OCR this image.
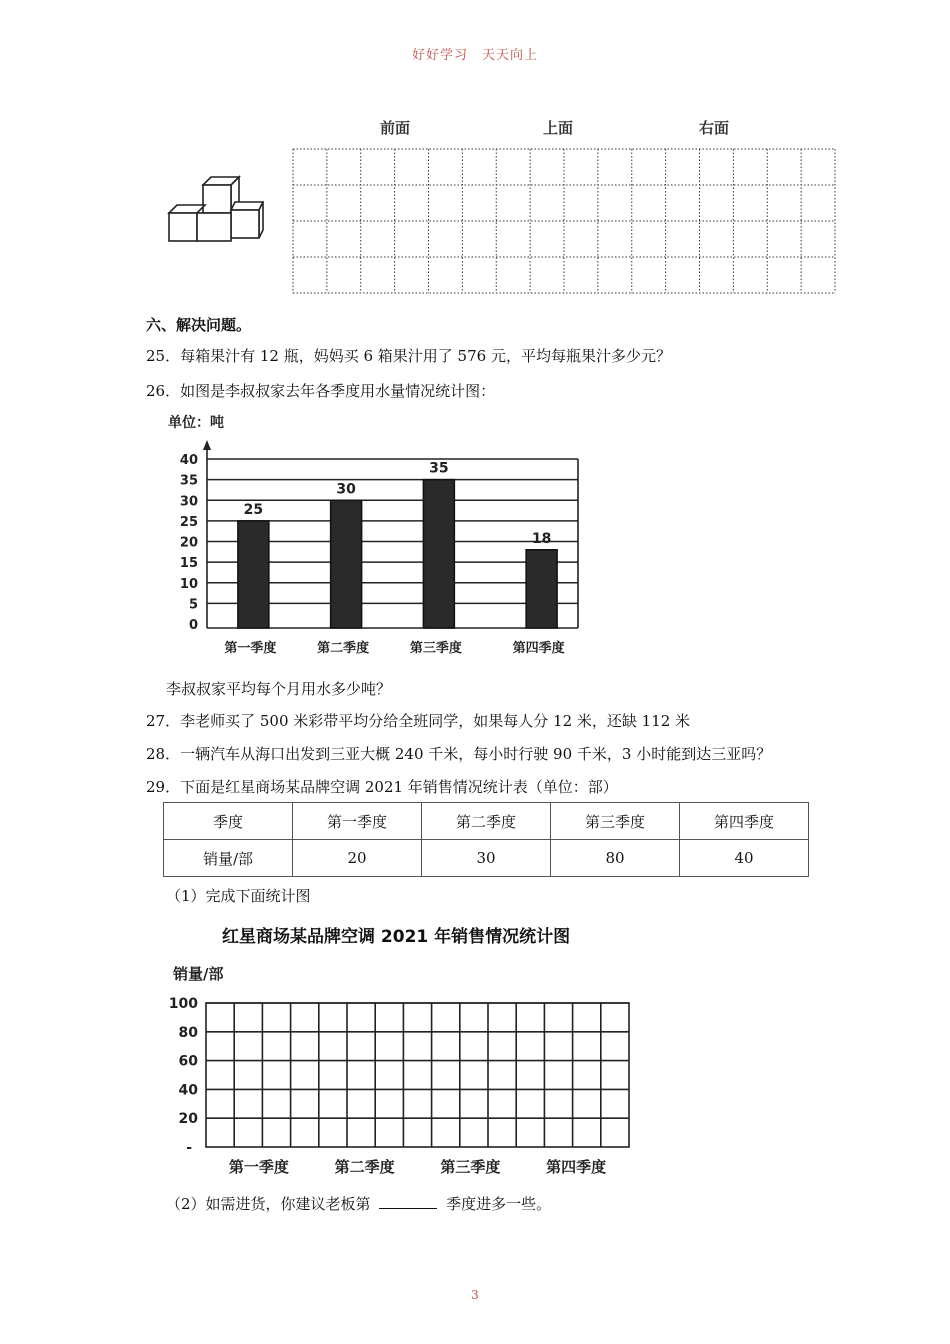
好好学习　天天向上
前面	上面	右面
六、解决问题。
25．每箱果汁有 12 瓶，妈妈买 6 箱果汁用了 576 元，平均每瓶果汁多少元？
26．如图是李叔叔家去年各季度用水量情况统计图：
单位：吨
0
5
10
15
20
25
30
35
40
25
第一季度
30
第二季度
35
第三季度
18
第四季度
李叔叔家平均每个月用水多少吨？
27．李老师买了 500 米彩带平均分给全班同学，如果每人分 12 米，还缺 112 米
28．一辆汽车从海口出发到三亚大概 240 千米，每小时行驶 90 千米，3 小时能到达三亚吗？
29．下面是红星商场某品牌空调 2021 年销售情况统计表（单位：部）
季度	第一季度	第二季度	第三季度	第四季度
销量/部	20	30	80	40
（1）完成下面统计图
红星商场某品牌空调 2021 年销售情况统计图
销量/部
20
40
60
80
100
-
第一季度	第二季度	第三季度	第四季度
（2）如需进货，你建议老板第	季度进多一些。
3
